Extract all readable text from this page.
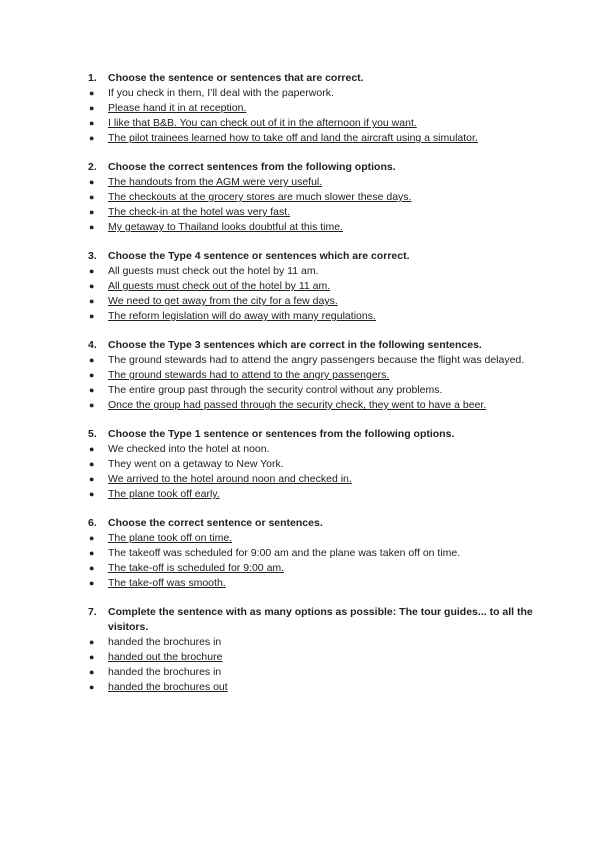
1.	Choose the sentence or sentences that are correct.
●	If you check in them, I’ll deal with the paperwork.
●	Please hand it in at reception.
●	I like that B&B. You can check out of it in the afternoon if you want.
●	The pilot trainees learned how to take off and land the aircraft using a simulator.
2.	Choose the correct sentences from the following options.
●	The handouts from the AGM were very useful.
●	The checkouts at the grocery stores are much slower these days.
●	The check-in at the hotel was very fast.
●	My getaway to Thailand looks doubtful at this time.
3.	Choose the Type 4 sentence or sentences which are correct.
●	All guests must check out the hotel by 11 am.
●	All guests must check out of the hotel by 11 am.
●	We need to get away from the city for a few days.
●	The reform legislation will do away with many regulations.
4.	Choose the Type 3 sentences which are correct in the following sentences.
●	The ground stewards had to attend the angry passengers because the flight was delayed.
●	The ground stewards had to attend to the angry passengers.
●	The entire group past through the security control without any problems.
●	Once the group had passed through the security check, they went to have a beer.
5.	Choose the Type 1 sentence or sentences from the following options.
●	We checked into the hotel at noon.
●	They went on a getaway to New York.
●	We arrived to the hotel around noon and checked in.
●	The plane took off early.
6.	Choose the correct sentence or sentences.
●	The plane took off on time.
●	The takeoff was scheduled for 9:00 am and the plane was taken off on time.
●	The take-off is scheduled for 9:00 am.
●	The take-off was smooth.
7.	Complete the sentence with as many options as possible: The tour guides... to all the visitors.
●	handed the brochures in
●	handed out the brochure
●	handed the brochures in
●	handed the brochures out
